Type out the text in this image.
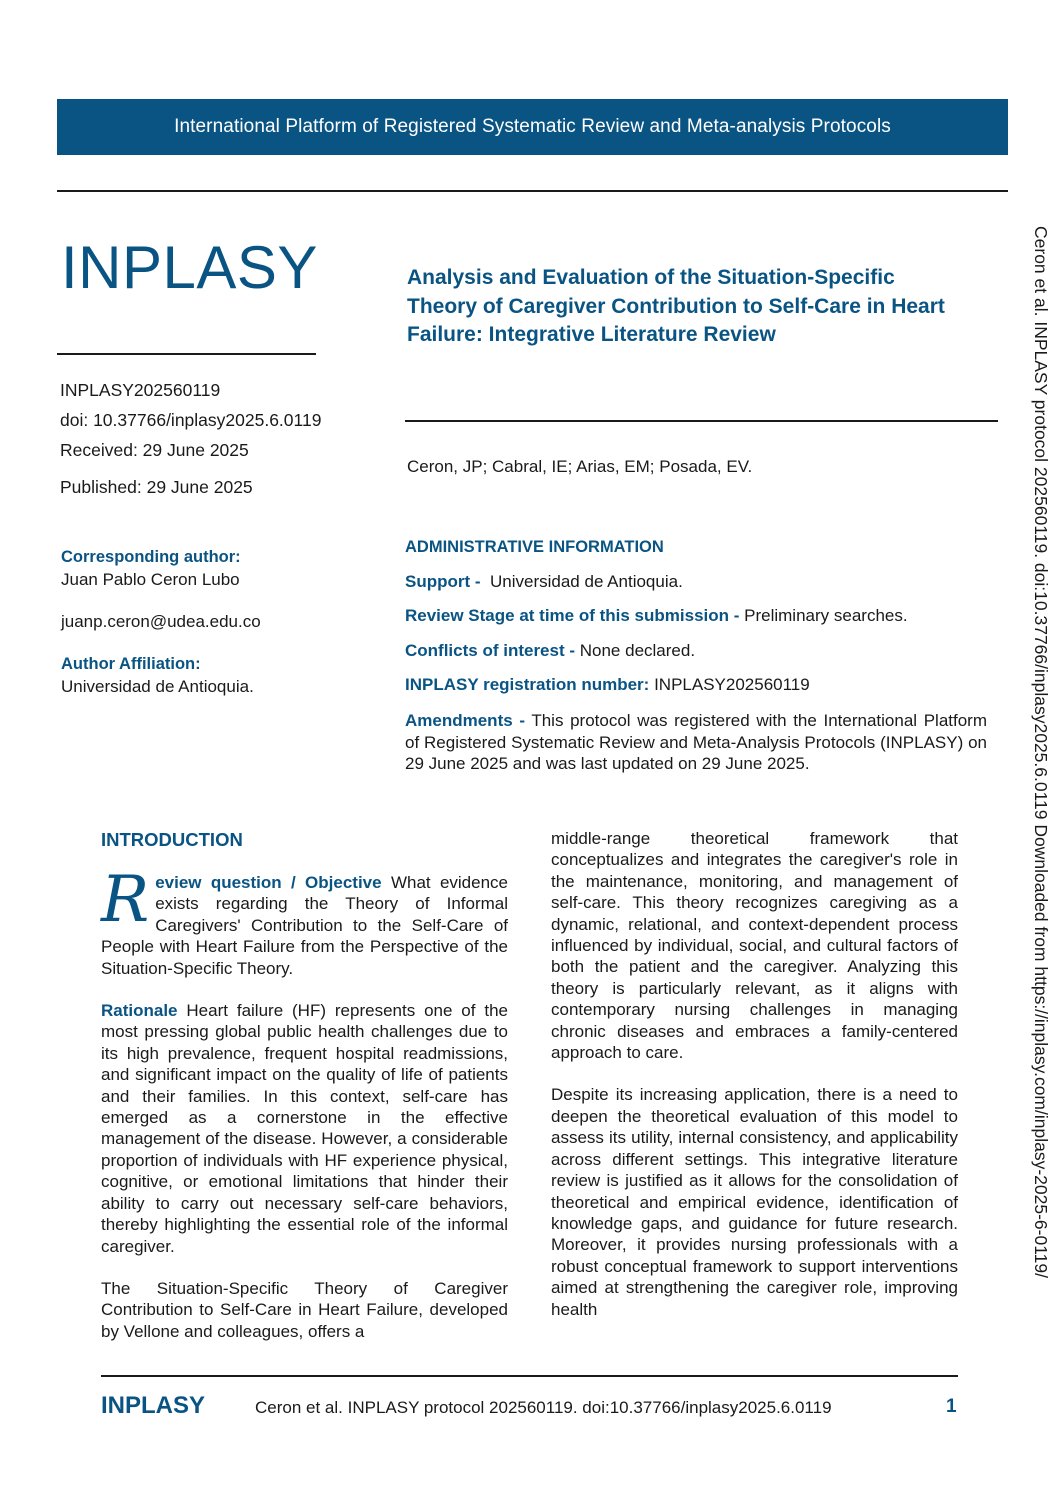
International Platform of Registered Systematic Review and Meta-analysis Protocols
INPLASY
INPLASY202560119
doi: 10.37766/inplasy2025.6.0119
Received: 29 June 2025
Published: 29 June 2025
Analysis and Evaluation of the Situation-Specific Theory of Caregiver Contribution to Self-Care in Heart Failure: Integrative Literature Review
Ceron, JP; Cabral, IE; Arias, EM; Posada, EV.
Corresponding author:
Juan Pablo Ceron Lubo
juanp.ceron@udea.edu.co
Author Affiliation:
Universidad de Antioquia.
ADMINISTRATIVE INFORMATION
Support - Universidad de Antioquia.
Review Stage at time of this submission - Preliminary searches.
Conflicts of interest - None declared.
INPLASY registration number: INPLASY202560119
Amendments - This protocol was registered with the International Platform of Registered Systematic Review and Meta-Analysis Protocols (INPLASY) on 29 June 2025 and was last updated on 29 June 2025.
INTRODUCTION

Review question / Objective What evidence exists regarding the Theory of Informal Caregivers' Contribution to the Self-Care of People with Heart Failure from the Perspective of the Situation-Specific Theory.

Rationale Heart failure (HF) represents one of the most pressing global public health challenges due to its high prevalence, frequent hospital readmissions, and significant impact on the quality of life of patients and their families. In this context, self-care has emerged as a cornerstone in the effective management of the disease. However, a considerable proportion of individuals with HF experience physical, cognitive, or emotional limitations that hinder their ability to carry out necessary self-care behaviors, thereby highlighting the essential role of the informal caregiver.

The Situation-Specific Theory of Caregiver Contribution to Self-Care in Heart Failure, developed by Vellone and colleagues, offers a

middle-range theoretical framework that conceptualizes and integrates the caregiver's role in the maintenance, monitoring, and management of self-care. This theory recognizes caregiving as a dynamic, relational, and context-dependent process influenced by individual, social, and cultural factors of both the patient and the caregiver. Analyzing this theory is particularly relevant, as it aligns with contemporary nursing challenges in managing chronic diseases and embraces a family-centered approach to care.

Despite its increasing application, there is a need to deepen the theoretical evaluation of this model to assess its utility, internal consistency, and applicability across different settings. This integrative literature review is justified as it allows for the consolidation of theoretical and empirical evidence, identification of knowledge gaps, and guidance for future research. Moreover, it provides nursing professionals with a robust conceptual framework to support interventions aimed at strengthening the caregiver role, improving health

Ceron et al. INPLASY protocol 202560119. doi:10.37766/inplasy2025.6.0119 Downloaded from https://inplasy.com/inplasy-2025-6-0119/
INPLASY	Ceron et al. INPLASY protocol 202560119. doi:10.37766/inplasy2025.6.0119	1
